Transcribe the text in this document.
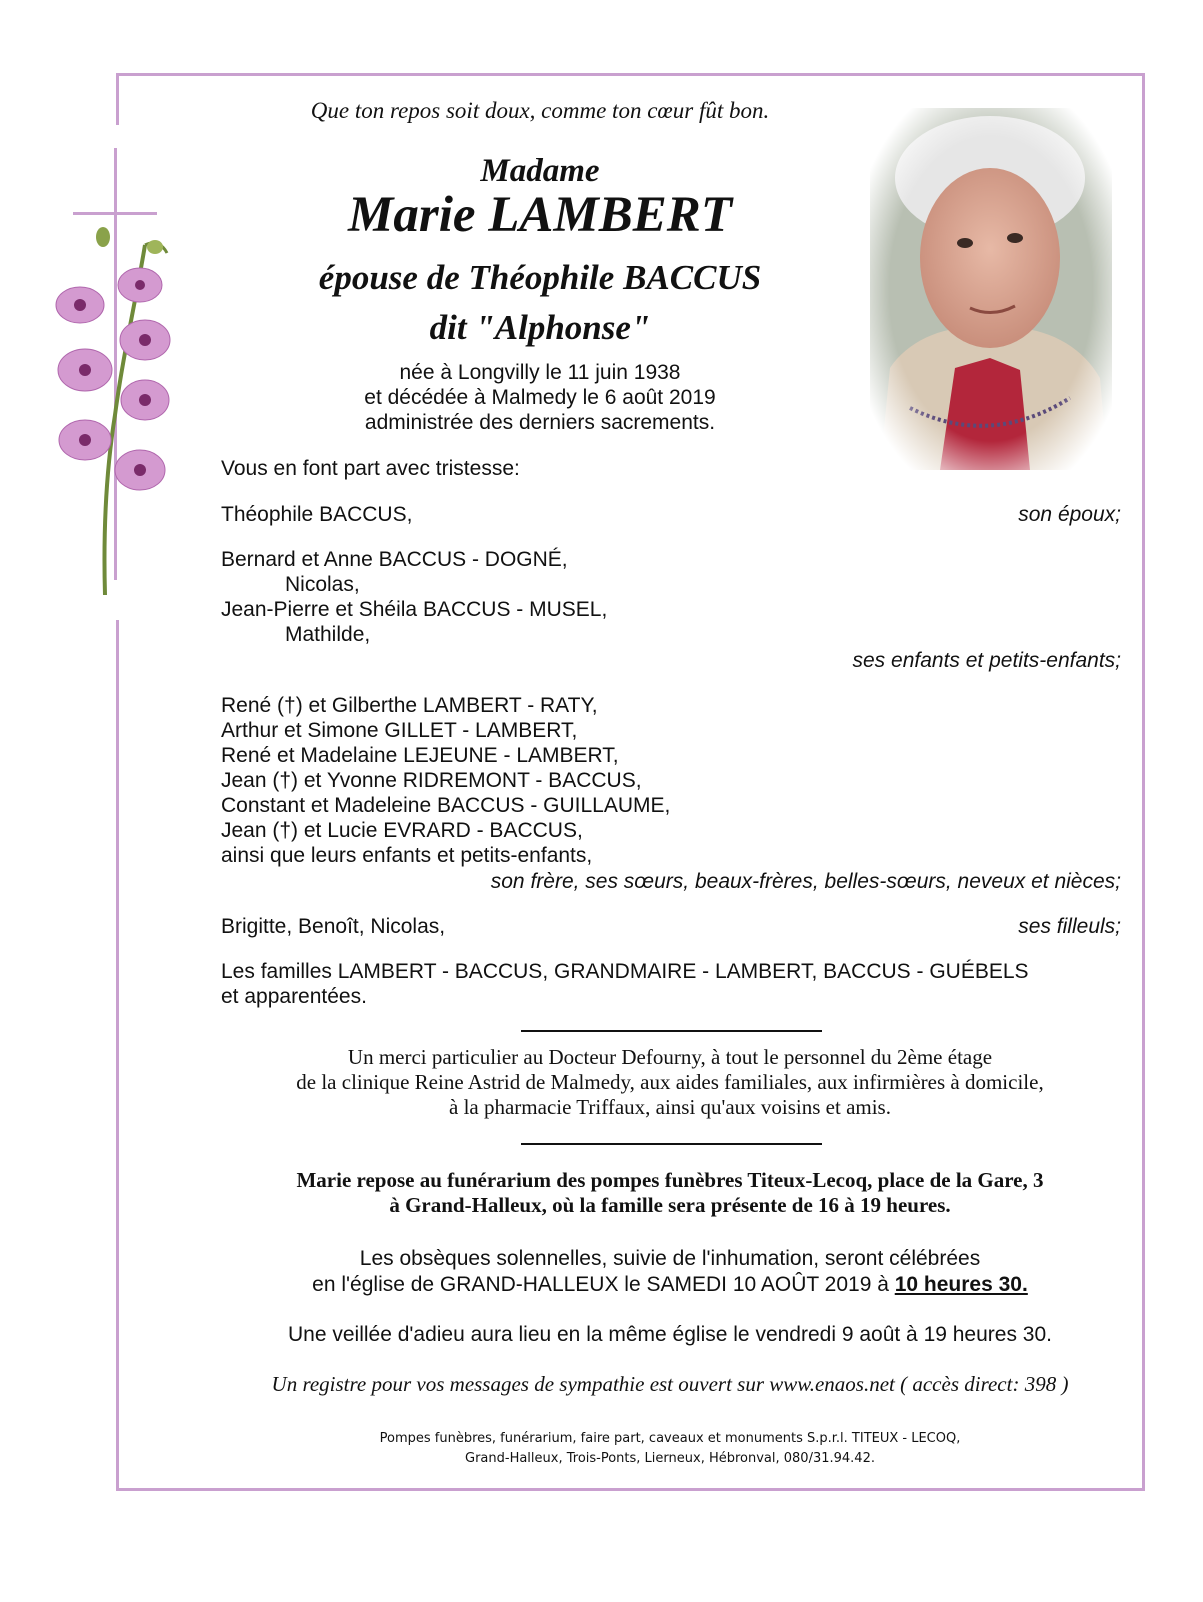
Que ton repos soit doux, comme ton cœur fût bon.
Madame
Marie LAMBERT
épouse de Théophile BACCUS
dit "Alphonse"
née à Longvilly le 11 juin 1938
et décédée à Malmedy le 6 août 2019
administrée des derniers sacrements.
Vous en font part avec tristesse:
Théophile BACCUS,	son époux;
Bernard et Anne BACCUS - DOGNÉ,
Nicolas,
Jean-Pierre et Shéila BACCUS - MUSEL,
Mathilde,
ses enfants et petits-enfants;
René (†) et Gilberthe LAMBERT - RATY,
Arthur et Simone GILLET - LAMBERT,
René et Madelaine LEJEUNE - LAMBERT,
Jean (†) et Yvonne RIDREMONT - BACCUS,
Constant et Madeleine BACCUS - GUILLAUME,
Jean (†) et Lucie EVRARD - BACCUS,
ainsi que leurs enfants et petits-enfants,
son frère, ses sœurs, beaux-frères, belles-sœurs, neveux et nièces;
Brigitte, Benoît, Nicolas,	ses filleuls;
Les familles LAMBERT - BACCUS, GRANDMAIRE - LAMBERT, BACCUS - GUÉBELS
et apparentées.
Un merci particulier au Docteur Defourny, à tout le personnel du 2ème étage
de la clinique Reine Astrid de Malmedy, aux aides familiales, aux infirmières à domicile,
à la pharmacie Triffaux, ainsi qu'aux voisins et amis.
Marie repose au funérarium des pompes funèbres Titeux-Lecoq, place de la Gare, 3
à Grand-Halleux, où la famille sera présente de 16 à 19 heures.
Les obsèques solennelles, suivie de l'inhumation, seront célébrées
en l'église de GRAND-HALLEUX le SAMEDI 10 AOÛT 2019 à 10 heures 30.
Une veillée d'adieu aura lieu en la même église le vendredi 9 août à 19 heures 30.
Un registre pour vos messages de sympathie est ouvert sur www.enaos.net ( accès direct: 398 )
Pompes funèbres, funérarium, faire part, caveaux et monuments S.p.r.l. TITEUX - LECOQ,
Grand-Halleux, Trois-Ponts, Lierneux, Hébronval, 080/31.94.42.
